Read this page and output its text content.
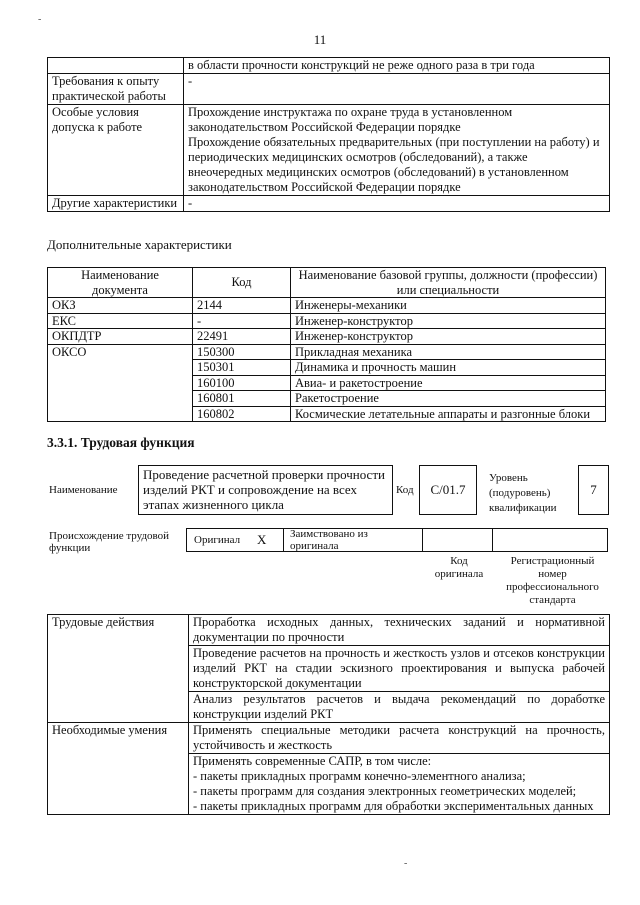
11
-
-
	в области прочности конструкций не реже одного раза в три года
Требования к опыту практической работы	-
Особые условия допуска к работе	Прохождение инструктажа по охране труда в установленном законодательством Российской Федерации порядке
Прохождение обязательных предварительных (при поступлении на работу) и периодических медицинских осмотров (обследований), а также внеочередных медицинских осмотров (обследований) в установленном законодательством Российской Федерации порядке

Другие характеристики	-
Дополнительные характеристики
Наименование документа	Код	Наименование базовой группы, должности (профессии) или специальности
ОКЗ	2144	Инженеры-механики
ЕКС	-	Инженер-конструктор
ОКПДТР	22491	Инженер-конструктор
ОКСО	150300	Прикладная механика
	150301	Динамика и прочность машин
	160100	Авиа- и ракетостроение
	160801	Ракетостроение
	160802	Космические летательные аппараты и разгонные блоки
3.3.1. Трудовая функция
Наименование
Проведение расчетной проверки прочности изделий РКТ и сопровождение на всех этапах жизненного цикла
Код	С/01.7
Уровень (подуровень) квалификации
7
Происхождение трудовой функции
Оригинал X Заимствовано из оригинала
Код оригинала
Регистрационный номер профессионального стандарта
Трудовые действия	Проработка исходных данных, технических заданий и нормативной документации по прочности
	Проведение расчетов на прочность и жесткость узлов и отсеков конструкции изделий РКТ на стадии эскизного проектирования и выпуска рабочей конструкторской документации
	Анализ результатов расчетов и выдача рекомендаций по доработке конструкции изделий РКТ
Необходимые умения	Применять специальные методики расчета конструкций на прочность, устойчивость и жесткость
	Применять современные САПР, в том числе:
- пакеты прикладных программ конечно-элементного анализа;
- пакеты программ для создания электронных геометрических моделей;
- пакеты прикладных программ для обработки экспериментальных данных
